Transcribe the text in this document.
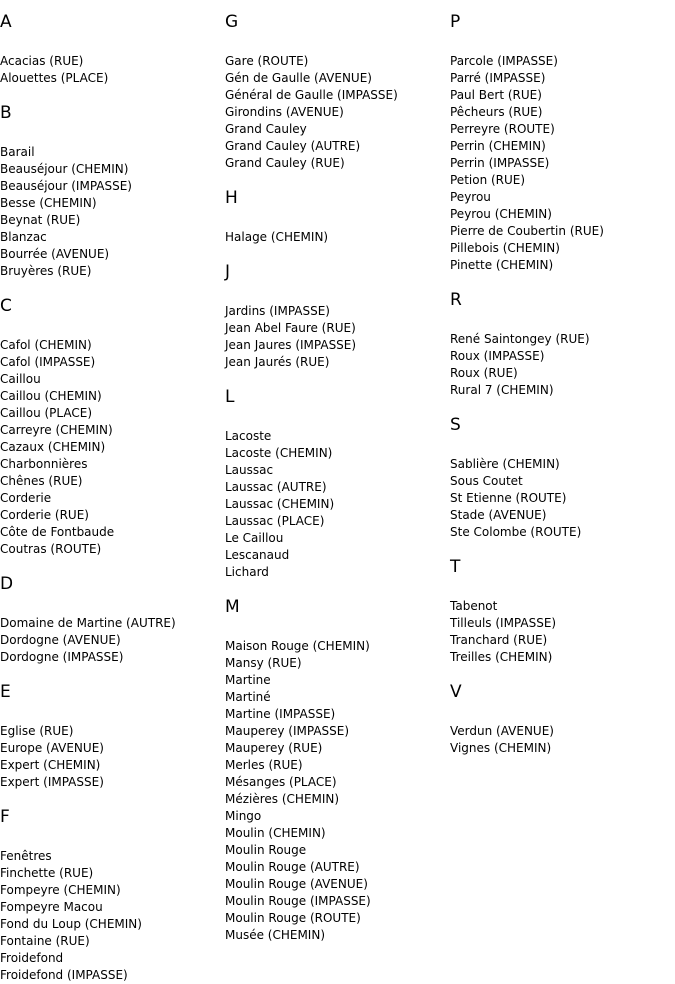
A
Acacias (RUE)
Alouettes (PLACE)
B
Barail
Beauséjour (CHEMIN)
Beauséjour (IMPASSE)
Besse (CHEMIN)
Beynat (RUE)
Blanzac
Bourrée (AVENUE)
Bruyères (RUE)
C
Cafol (CHEMIN)
Cafol (IMPASSE)
Caillou
Caillou (CHEMIN)
Caillou (PLACE)
Carreyre (CHEMIN)
Cazaux (CHEMIN)
Charbonnières
Chênes (RUE)
Corderie
Corderie (RUE)
Côte de Fontbaude
Coutras (ROUTE)
D
Domaine de Martine (AUTRE)
Dordogne (AVENUE)
Dordogne (IMPASSE)
E
Eglise (RUE)
Europe (AVENUE)
Expert (CHEMIN)
Expert (IMPASSE)
F
Fenêtres
Finchette (RUE)
Fompeyre (CHEMIN)
Fompeyre Macou
Fond du Loup (CHEMIN)
Fontaine (RUE)
Froidefond
Froidefond (IMPASSE)
G
Gare (ROUTE)
Gén de Gaulle (AVENUE)
Général de Gaulle (IMPASSE)
Girondins (AVENUE)
Grand Cauley
Grand Cauley (AUTRE)
Grand Cauley (RUE)
H
Halage (CHEMIN)
J
Jardins (IMPASSE)
Jean Abel Faure (RUE)
Jean Jaures (IMPASSE)
Jean Jaurés (RUE)
L
Lacoste
Lacoste (CHEMIN)
Laussac
Laussac (AUTRE)
Laussac (CHEMIN)
Laussac (PLACE)
Le Caillou
Lescanaud
Lichard
M
Maison Rouge (CHEMIN)
Mansy (RUE)
Martine
Martiné
Martine (IMPASSE)
Mauperey (IMPASSE)
Mauperey (RUE)
Merles (RUE)
Mésanges (PLACE)
Mézières (CHEMIN)
Mingo
Moulin (CHEMIN)
Moulin Rouge
Moulin Rouge (AUTRE)
Moulin Rouge (AVENUE)
Moulin Rouge (IMPASSE)
Moulin Rouge (ROUTE)
Musée (CHEMIN)
P
Parcole (IMPASSE)
Parré (IMPASSE)
Paul Bert (RUE)
Pêcheurs (RUE)
Perreyre (ROUTE)
Perrin (CHEMIN)
Perrin (IMPASSE)
Petion (RUE)
Peyrou
Peyrou (CHEMIN)
Pierre de Coubertin (RUE)
Pillebois (CHEMIN)
Pinette (CHEMIN)
R
René Saintongey (RUE)
Roux (IMPASSE)
Roux (RUE)
Rural 7 (CHEMIN)
S
Sablière (CHEMIN)
Sous Coutet
St Etienne (ROUTE)
Stade (AVENUE)
Ste Colombe (ROUTE)
T
Tabenot
Tilleuls (IMPASSE)
Tranchard (RUE)
Treilles (CHEMIN)
V
Verdun (AVENUE)
Vignes (CHEMIN)
